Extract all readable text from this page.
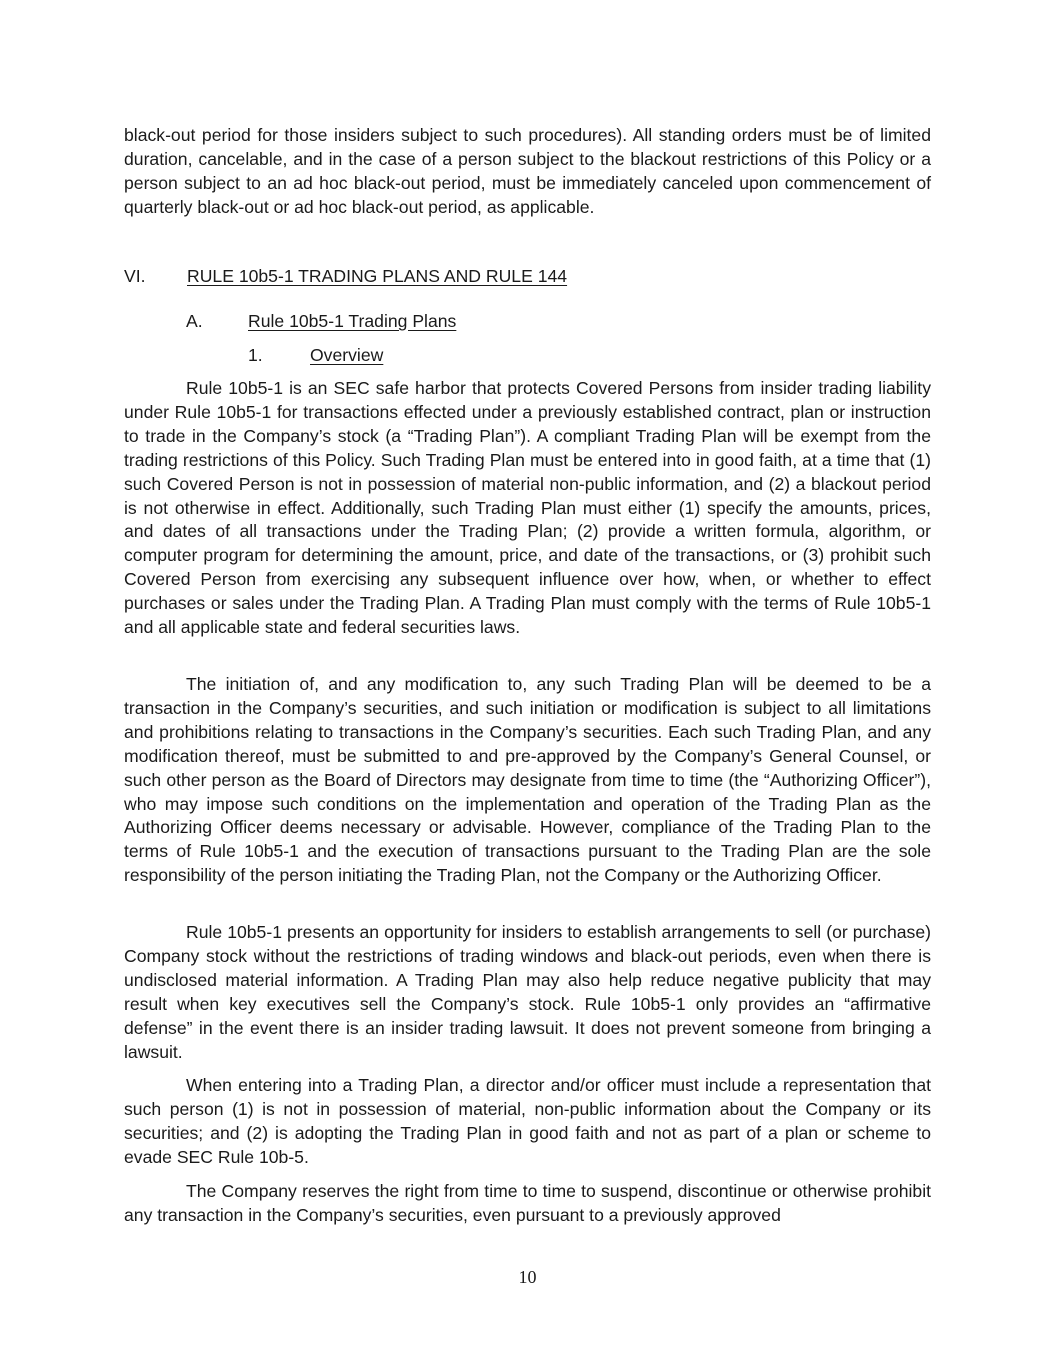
black-out period for those insiders subject to such procedures). All standing orders must be of limited duration, cancelable, and in the case of a person subject to the blackout restrictions of this Policy or a person subject to an ad hoc black-out period, must be immediately canceled upon commencement of quarterly black-out or ad hoc black-out period, as applicable.

VI. RULE 10b5-1 TRADING PLANS AND RULE 144
A.	Rule 10b5-1 Trading Plans
1.	Overview

Rule 10b5-1 is an SEC safe harbor that protects Covered Persons from insider trading liability under Rule 10b5-1 for transactions effected under a previously established contract, plan or instruction to trade in the Company’s stock (a “Trading Plan”). A compliant Trading Plan will be exempt from the trading restrictions of this Policy. Such Trading Plan must be entered into in good faith, at a time that (1) such Covered Person is not in possession of material non-public information, and (2) a blackout period is not otherwise in effect. Additionally, such Trading Plan must either (1) specify the amounts, prices, and dates of all transactions under the Trading Plan; (2) provide a written formula, algorithm, or computer program for determining the amount, price, and date of the transactions, or (3) prohibit such Covered Person from exercising any subsequent influence over how, when, or whether to effect purchases or sales under the Trading Plan. A Trading Plan must comply with the terms of Rule 10b5-1 and all applicable state and federal securities laws.

The initiation of, and any modification to, any such Trading Plan will be deemed to be a transaction in the Company’s securities, and such initiation or modification is subject to all limitations and prohibitions relating to transactions in the Company’s securities. Each such Trading Plan, and any modification thereof, must be submitted to and pre-approved by the Company’s General Counsel, or such other person as the Board of Directors may designate from time to time (the “Authorizing Officer”), who may impose such conditions on the implementation and operation of the Trading Plan as the Authorizing Officer deems necessary or advisable. However, compliance of the Trading Plan to the terms of Rule 10b5-1 and the execution of transactions pursuant to the Trading Plan are the sole responsibility of the person initiating the Trading Plan, not the Company or the Authorizing Officer.

Rule 10b5-1 presents an opportunity for insiders to establish arrangements to sell (or purchase) Company stock without the restrictions of trading windows and black-out periods, even when there is undisclosed material information. A Trading Plan may also help reduce negative publicity that may result when key executives sell the Company’s stock. Rule 10b5-1 only provides an “affirmative defense” in the event there is an insider trading lawsuit. It does not prevent someone from bringing a lawsuit.

When entering into a Trading Plan, a director and/or officer must include a representation that such person (1) is not in possession of material, non-public information about the Company or its securities; and (2) is adopting the Trading Plan in good faith and not as part of a plan or scheme to evade SEC Rule 10b-5.

The Company reserves the right from time to time to suspend, discontinue or otherwise prohibit any transaction in the Company’s securities, even pursuant to a previously approved

10
